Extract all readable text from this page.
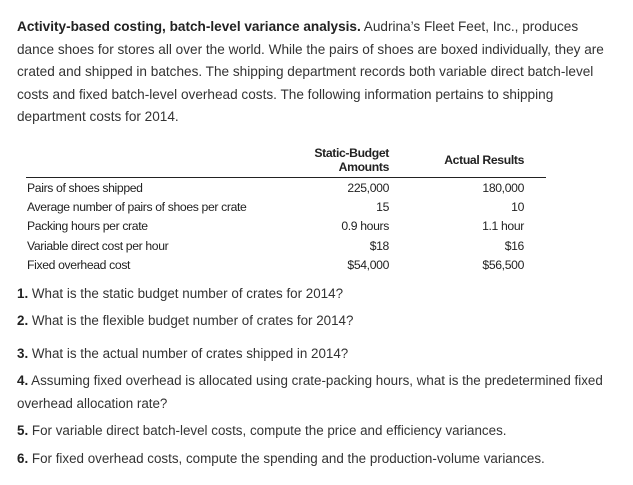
Activity-based costing, batch-level variance analysis. Audrina’s Fleet Feet, Inc., produces dance shoes for stores all over the world. While the pairs of shoes are boxed individually, they are crated and shipped in batches. The shipping department records both variable direct batch-level costs and fixed batch-level overhead costs. The following information pertains to shipping department costs for 2014.
	Static-Budget Amounts	Actual Results	
Pairs of shoes shipped	225,000	180,000	
Average number of pairs of shoes per crate	15	10	
Packing hours per crate	0.9 hours	1.1 hour	
Variable direct cost per hour	$18	$16	
Fixed overhead cost	$54,000	$56,500	
1. What is the static budget number of crates for 2014?
2. What is the flexible budget number of crates for 2014?
3. What is the actual number of crates shipped in 2014?
4. Assuming fixed overhead is allocated using crate-packing hours, what is the predetermined fixed overhead allocation rate?
5. For variable direct batch-level costs, compute the price and efficiency variances.
6. For fixed overhead costs, compute the spending and the production-volume variances.
